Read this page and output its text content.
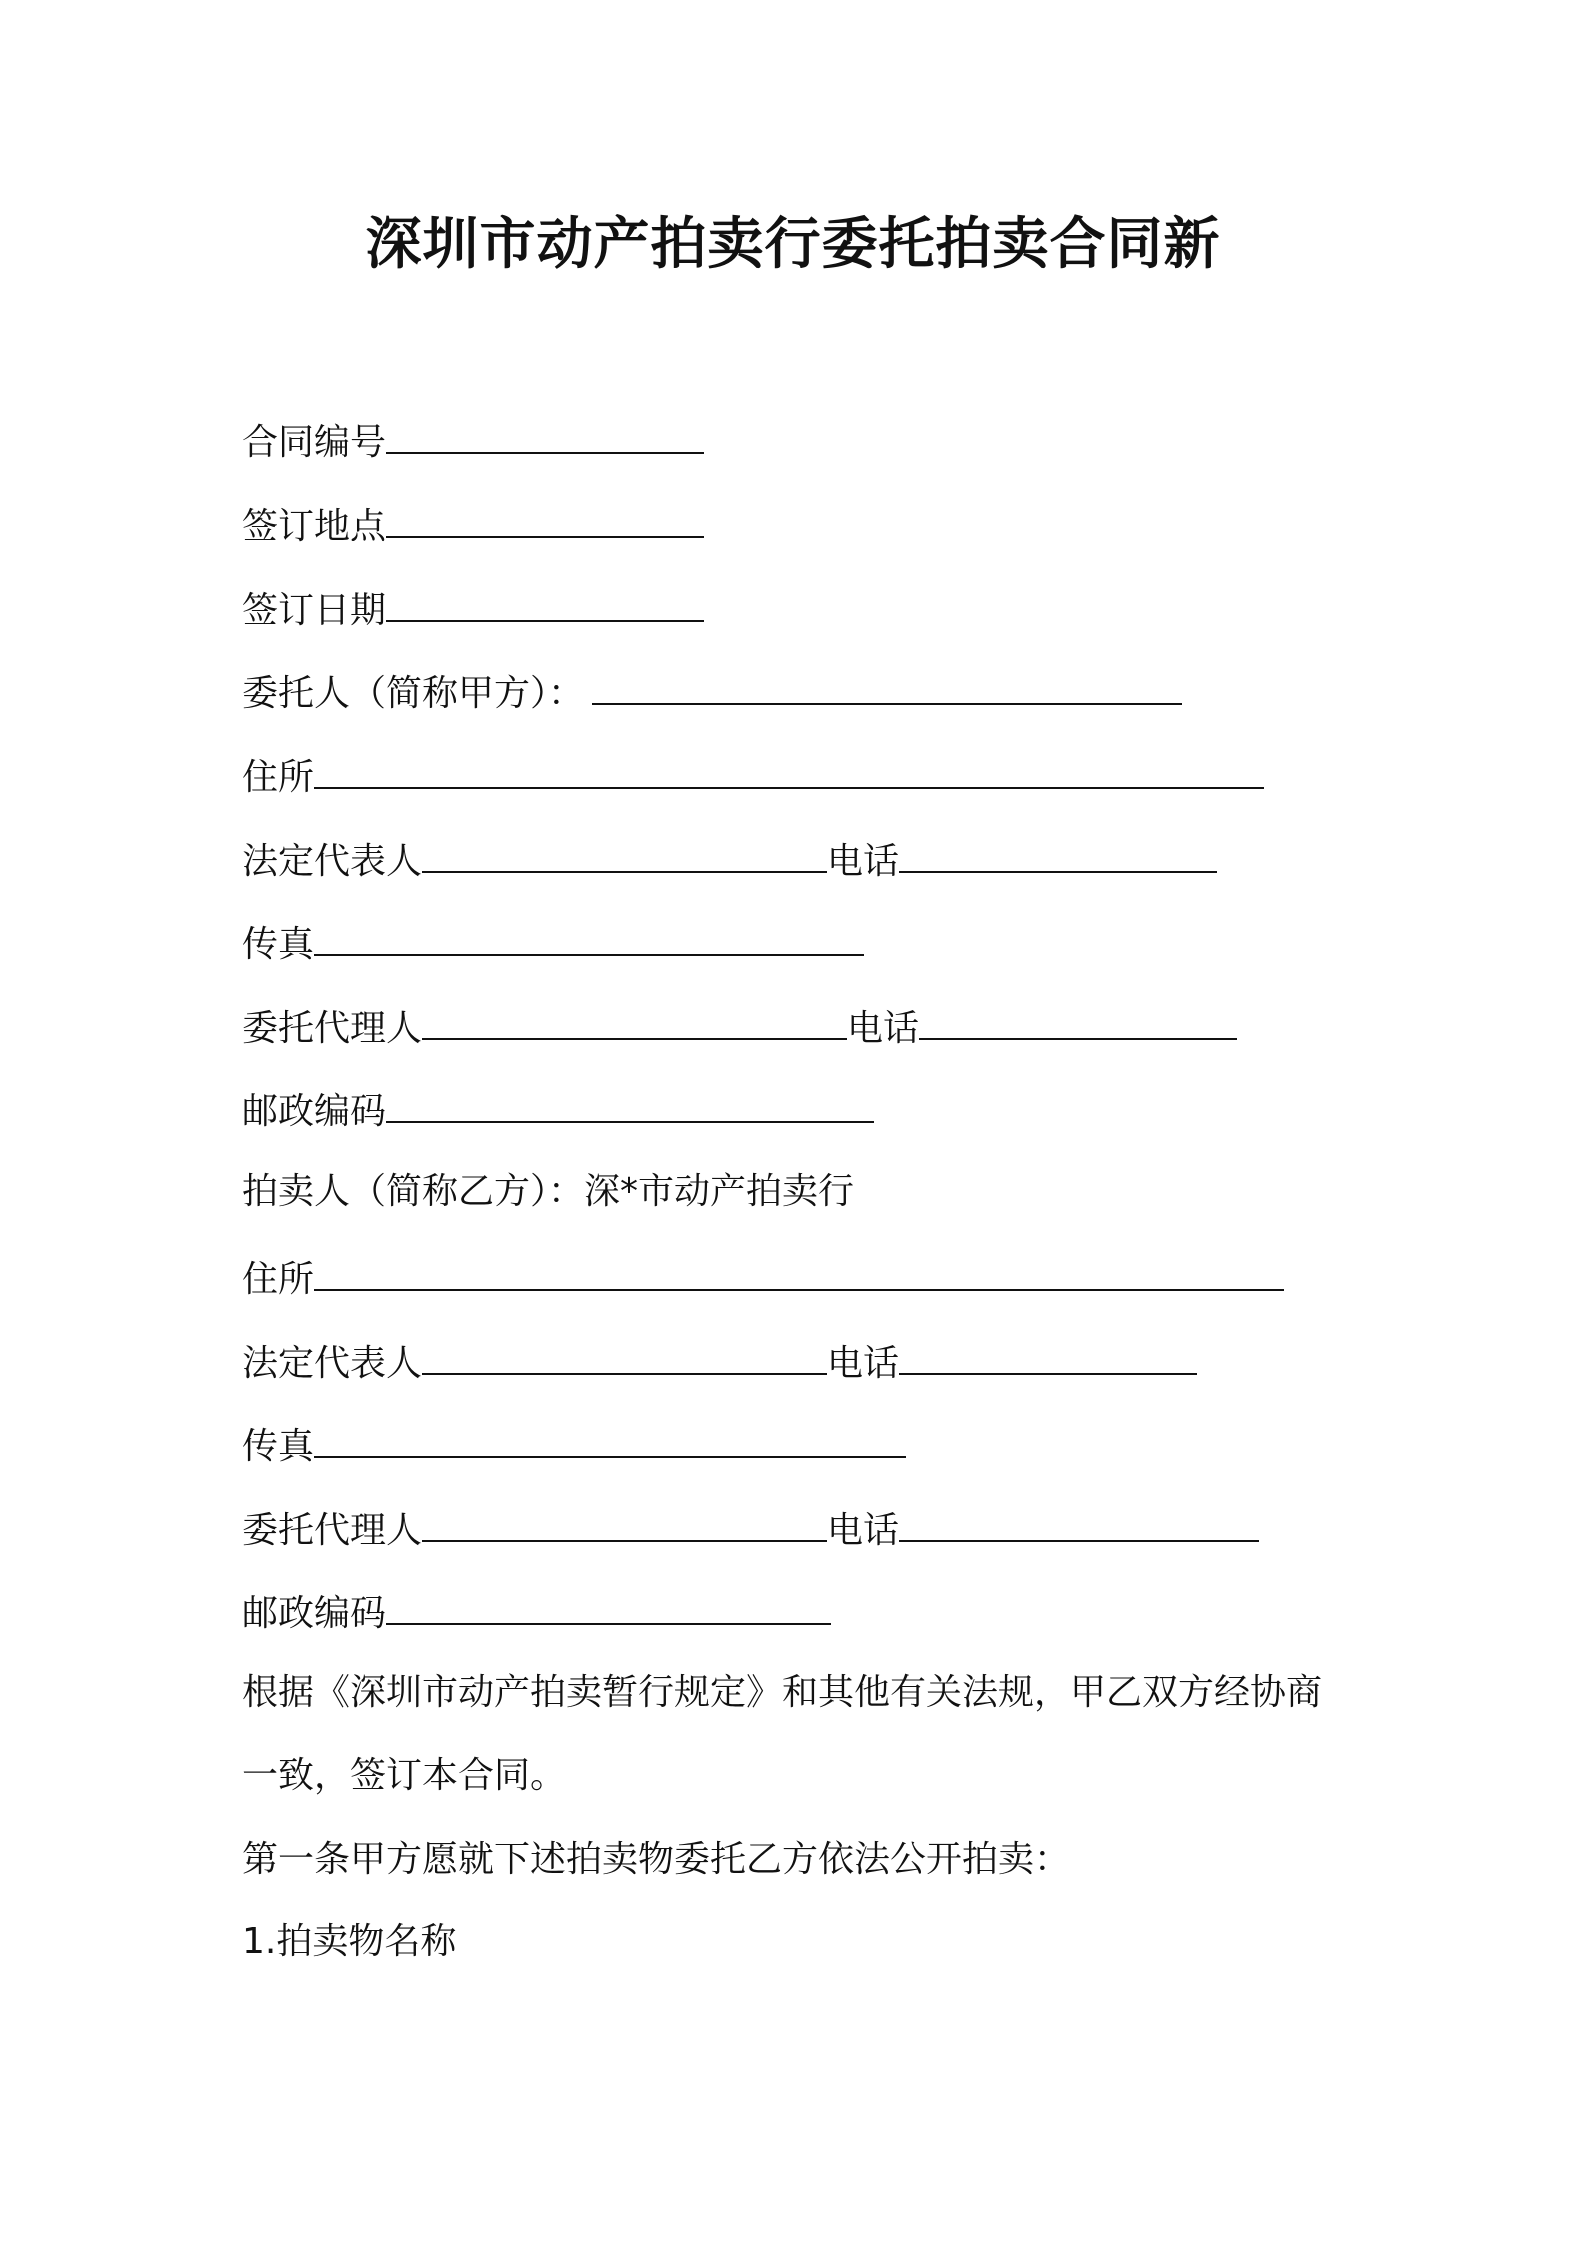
深圳市动产拍卖行委托拍卖合同新
合同编号
签订地点
签订日期
委托人（简称甲方）：
住所
法定代表人	电话
传真
委托代理人	电话
邮政编码
拍卖人（简称乙方）：深*市动产拍卖行
住所
法定代表人	电话
传真
委托代理人	电话
邮政编码
根据《深圳市动产拍卖暂行规定》和其他有关法规，甲乙双方经协商
一致，签订本合同。
第一条甲方愿就下述拍卖物委托乙方依法公开拍卖：
1.拍卖物名称
